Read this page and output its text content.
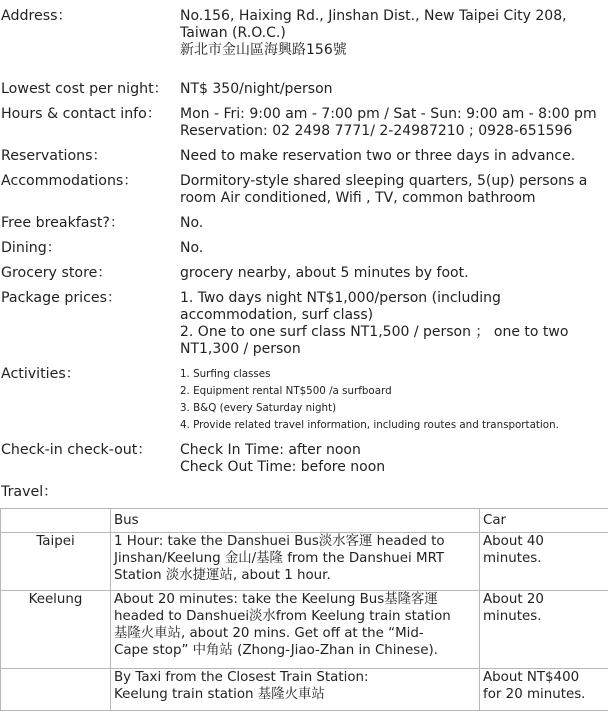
Address：	No.156, Haixing Rd., Jinshan Dist., New Taipei City 208,
Taiwan (R.O.C.)
新北市金山區海興路156號
Lowest cost per night： NT$ 350/night/person
Hours & contact info： Mon - Fri: 9:00 am - 7:00 pm / Sat - Sun: 9:00 am - 8:00 pm
Reservation: 02 2498 7771/ 2-24987210 ; 0928-651596
Reservations：	Need to make reservation two or three days in advance.
Accommodations：	Dormitory-style shared sleeping quarters, 5(up) persons a
room Air conditioned, Wifi , TV, common bathroom
Free breakfast?：	No.
Dining：	No.
Grocery store：	grocery nearby, about 5 minutes by foot.
Package prices：	1. Two days night NT$1,000/person (including
accommodation, surf class)
2. One to one surf class NT1,500 / person ； one to two
NT1,300 / person
Activities：	1. Surfing classes
2. Equipment rental NT$500 /a surfboard
3. B&Q (every Saturday night)
4. Provide related travel information, including routes and transportation.
Check-in check-out： Check In Time: after noon
Check Out Time: before noon
Travel：
	Bus	Car

Taipei	1 Hour: take the Danshuei Bus淡水客運 headed to
Jinshan/Keelung 金山/基隆 from the Danshuei MRT
Station 淡水捷運站, about 1 hour.	About 40
minutes.

Keelung	About 20 minutes: take the Keelung Bus基隆客運
headed to Danshuei淡水from Keelung train station
基隆火車站, about 20 mins. Get off at the “Mid-
Cape stop” 中角站 (Zhong-Jiao-Zhan in Chinese).	About 20
minutes.

	By Taxi from the Closest Train Station:
Keelung train station 基隆火車站	About NT$400
for 20 minutes.
